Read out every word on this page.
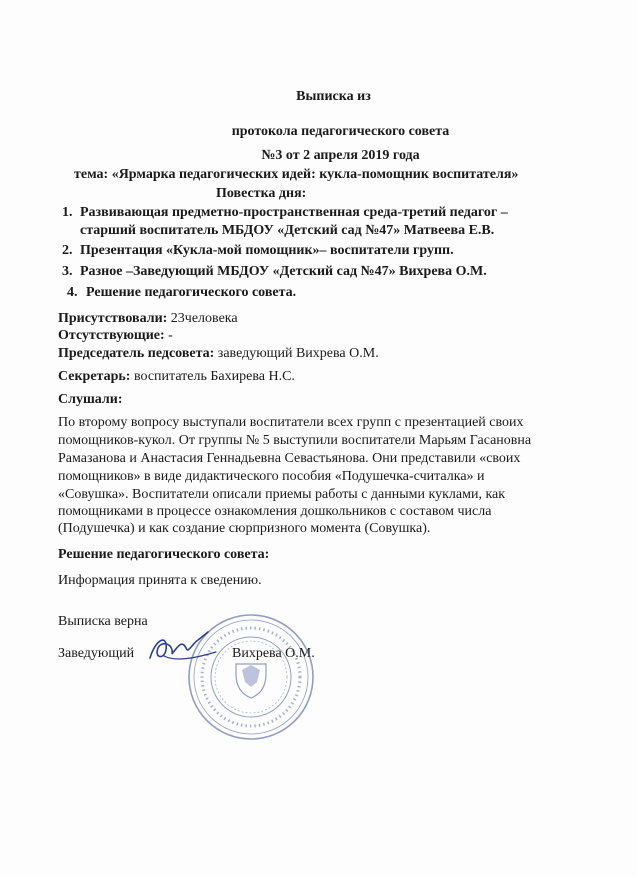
Выписка из
протокола педагогического совета
№3 от 2 апреля 2019 года
тема: «Ярмарка педагогических идей: кукла-помощник воспитателя»
Повестка дня:
1. Развивающая предметно-пространственная среда-третий педагог –
старший воспитатель МБДОУ «Детский сад №47» Матвеева Е.В.
2. Презентация «Кукла-мой помощник»– воспитатели групп.
3. Разное –Заведующий МБДОУ «Детский сад №47» Вихрева О.М.
4. Решение педагогического совета.
Присутствовали: 23человека
Отсутствующие: -
Председатель педсовета: заведующий Вихрева О.М.
Секретарь: воспитатель Бахирева Н.С.
Слушали:
По второму вопросу выступали воспитатели всех групп с презентацией своих
помощников-кукол. От группы № 5 выступили воспитатели Марьям Гасановна
Рамазанова и Анастасия Геннадьевна Севастьянова. Они представили «своих
помощников» в виде дидактического пособия «Подушечка-считалка» и
«Совушка». Воспитатели описали приемы работы с данными куклами, как
помощниками в процессе ознакомления дошкольников с составом числа
(Подушечка) и как создание сюрпризного момента (Совушка).
Решение педагогического совета:
Информация принята к сведению.
Выписка верна
Заведующий	Вихрева О.М.
